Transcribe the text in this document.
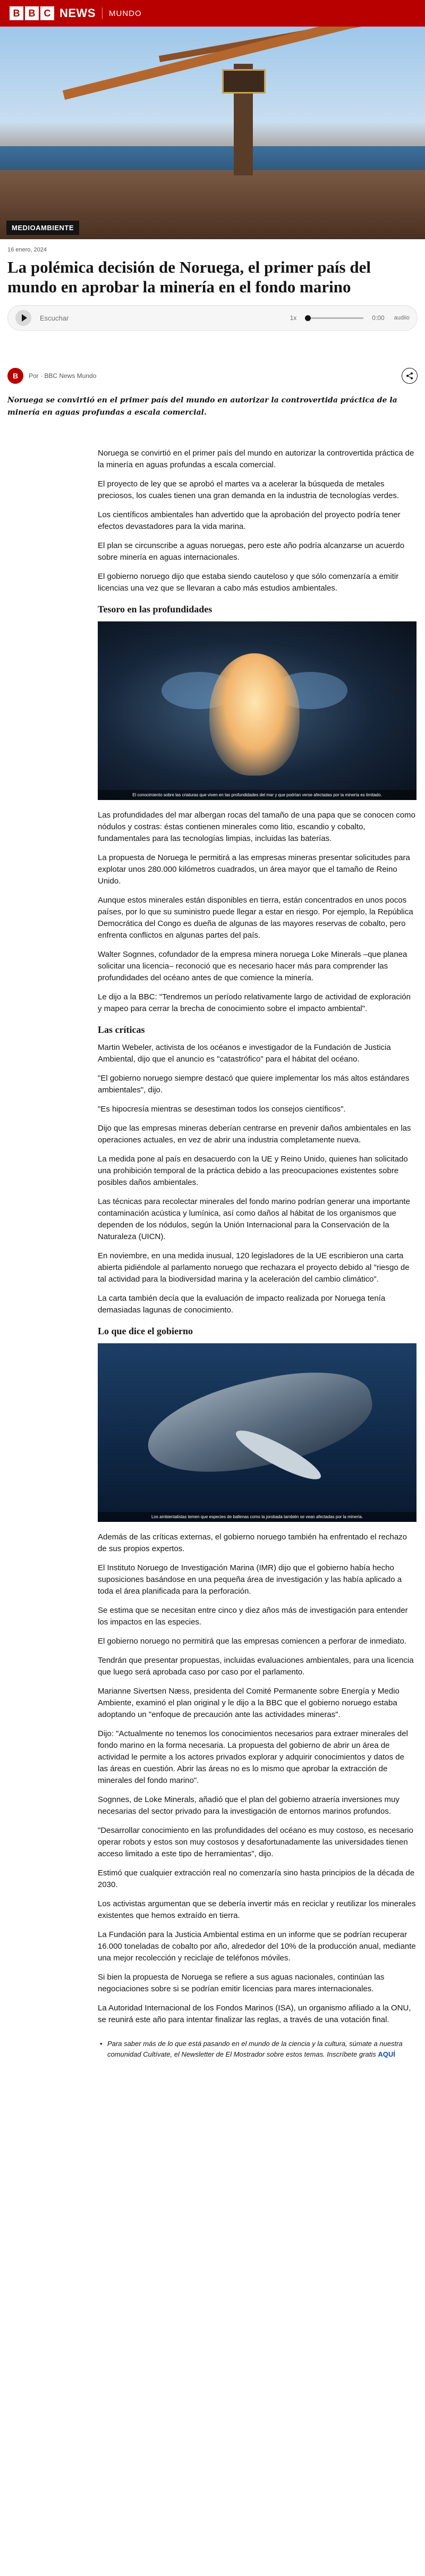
B B C NEWS MUNDO
MEDIOAMBIENTE
16 enero, 2024
La polémica decisión de Noruega, el primer país del mundo en aprobar la minería en el fondo marino
Escuchar	1x	0:00 audiio
B	Por · BBC News Mundo

Noruega se convirtió en el primer país del mundo en autorizar la controvertida práctica de la minería en aguas profundas a escala comercial.

Noruega se convirtió en el primer país del mundo en autorizar la controvertida práctica de la minería en aguas profundas a escala comercial.

El proyecto de ley que se aprobó el martes va a acelerar la búsqueda de metales preciosos, los cuales tienen una gran demanda en la industria de tecnologías verdes.

Los científicos ambientales han advertido que la aprobación del proyecto podría tener efectos devastadores para la vida marina.

El plan se circunscribe a aguas noruegas, pero este año podría alcanzarse un acuerdo sobre minería en aguas internacionales.

El gobierno noruego dijo que estaba siendo cauteloso y que sólo comenzaría a emitir licencias una vez que se llevaran a cabo más estudios ambientales.

Tesoro en las profundidades
El conocimiento sobre las criaturas que viven en las profundidades del mar y que podrían verse afectadas por la minería es limitado.

Las profundidades del mar albergan rocas del tamaño de una papa que se conocen como nódulos y costras: éstas contienen minerales como litio, escandio y cobalto, fundamentales para las tecnologías limpias, incluidas las baterías.

La propuesta de Noruega le permitirá a las empresas mineras presentar solicitudes para explotar unos 280.000 kilómetros cuadrados, un área mayor que el tamaño de Reino Unido.

Aunque estos minerales están disponibles en tierra, están concentrados en unos pocos países, por lo que su suministro puede llegar a estar en riesgo. Por ejemplo, la República Democrática del Congo es dueña de algunas de las mayores reservas de cobalto, pero enfrenta conflictos en algunas partes del país.

Walter Sognnes, cofundador de la empresa minera noruega Loke Minerals –que planea solicitar una licencia– reconoció que es necesario hacer más para comprender las profundidades del océano antes de que comience la minería.

Le dijo a la BBC: "Tendremos un período relativamente largo de actividad de exploración y mapeo para cerrar la brecha de conocimiento sobre el impacto ambiental".

Las críticas

Martin Webeler, activista de los océanos e investigador de la Fundación de Justicia Ambiental, dijo que el anuncio es "catastrófico" para el hábitat del océano.

"El gobierno noruego siempre destacó que quiere implementar los más altos estándares ambientales", dijo.

"Es hipocresía mientras se desestiman todos los consejos científicos".

Dijo que las empresas mineras deberían centrarse en prevenir daños ambientales en las operaciones actuales, en vez de abrir una industria completamente nueva.

La medida pone al país en desacuerdo con la UE y Reino Unido, quienes han solicitado una prohibición temporal de la práctica debido a las preocupaciones existentes sobre posibles daños ambientales.

Las técnicas para recolectar minerales del fondo marino podrían generar una importante contaminación acústica y lumínica, así como daños al hábitat de los organismos que dependen de los nódulos, según la Unión Internacional para la Conservación de la Naturaleza (UICN).

En noviembre, en una medida inusual, 120 legisladores de la UE escribieron una carta abierta pidiéndole al parlamento noruego que rechazara el proyecto debido al "riesgo de tal actividad para la biodiversidad marina y la aceleración del cambio climático".

La carta también decía que la evaluación de impacto realizada por Noruega tenía demasiadas lagunas de conocimiento.

Lo que dice el gobierno
Los ambientalistas temen que especies de ballenas como la jorobada también se vean afectadas por la minería.

Además de las críticas externas, el gobierno noruego también ha enfrentado el rechazo de sus propios expertos.

El Instituto Noruego de Investigación Marina (IMR) dijo que el gobierno había hecho suposiciones basándose en una pequeña área de investigación y las había aplicado a toda el área planificada para la perforación.

Se estima que se necesitan entre cinco y diez años más de investigación para entender los impactos en las especies.

El gobierno noruego no permitirá que las empresas comiencen a perforar de inmediato.

Tendrán que presentar propuestas, incluidas evaluaciones ambientales, para una licencia que luego será aprobada caso por caso por el parlamento.

Marianne Sivertsen Næss, presidenta del Comité Permanente sobre Energía y Medio Ambiente, examinó el plan original y le dijo a la BBC que el gobierno noruego estaba adoptando un "enfoque de precaución ante las actividades mineras".

Dijo: "Actualmente no tenemos los conocimientos necesarios para extraer minerales del fondo marino en la forma necesaria. La propuesta del gobierno de abrir un área de actividad le permite a los actores privados explorar y adquirir conocimientos y datos de las áreas en cuestión. Abrir las áreas no es lo mismo que aprobar la extracción de minerales del fondo marino".

Sognnes, de Loke Minerals, añadió que el plan del gobierno atraería inversiones muy necesarias del sector privado para la investigación de entornos marinos profundos.

"Desarrollar conocimiento en las profundidades del océano es muy costoso, es necesario operar robots y estos son muy costosos y desafortunadamente las universidades tienen acceso limitado a este tipo de herramientas", dijo.

Estimó que cualquier extracción real no comenzaría sino hasta principios de la década de 2030.

Los activistas argumentan que se debería invertir más en reciclar y reutilizar los minerales existentes que hemos extraído en tierra.

La Fundación para la Justicia Ambiental estima en un informe que se podrían recuperar 16.000 toneladas de cobalto por año, alrededor del 10% de la producción anual, mediante una mejor recolección y reciclaje de teléfonos móviles.

Si bien la propuesta de Noruega se refiere a sus aguas nacionales, continúan las negociaciones sobre si se podrían emitir licencias para mares internacionales.

La Autoridad Internacional de los Fondos Marinos (ISA), un organismo afiliado a la ONU, se reunirá este año para intentar finalizar las reglas, a través de una votación final.

• Para saber más de lo que está pasando en el mundo de la ciencia y la cultura, súmate a nuestra comunidad Cultívate, el Newsletter de El Mostrador sobre estos temas. Inscríbete gratis AQUÍ
